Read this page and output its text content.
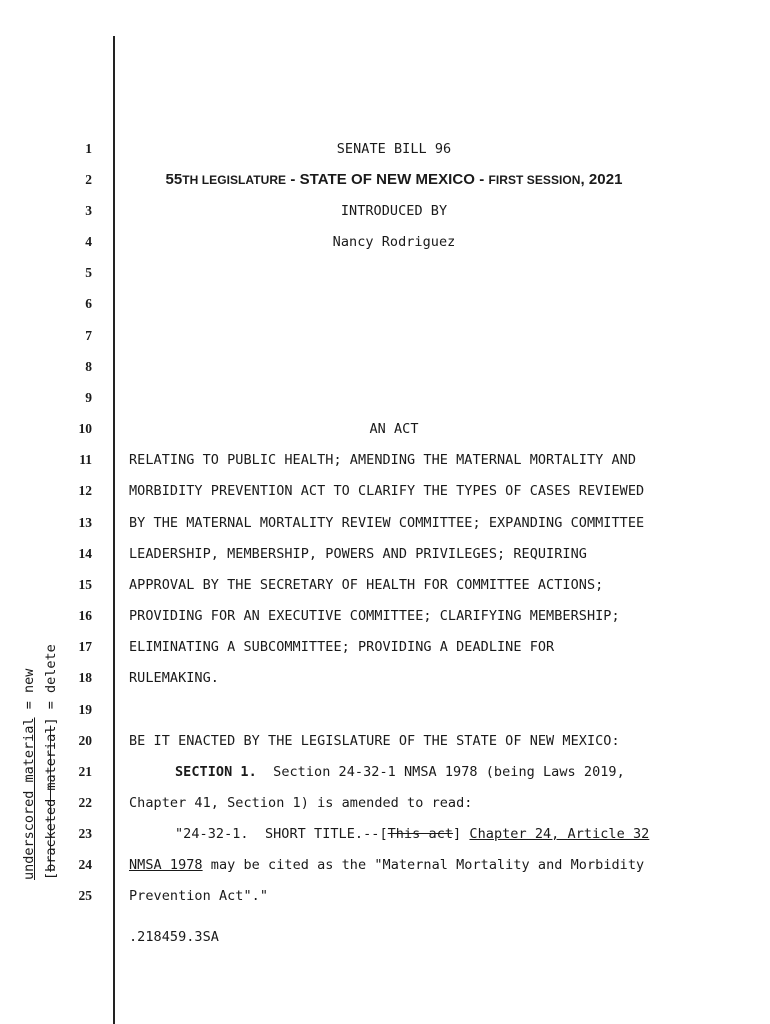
underscored material = new
[bracketed material] = delete
1
2
3
4
5
6
7
8
9
10
11
12
13
14
15
16
17
18
19
20
21
22
23
24
25
SENATE BILL 96
55TH LEGISLATURE - STATE OF NEW MEXICO - FIRST SESSION, 2021
INTRODUCED BY
Nancy Rodriguez
AN ACT
RELATING TO PUBLIC HEALTH; AMENDING THE MATERNAL MORTALITY AND
MORBIDITY PREVENTION ACT TO CLARIFY THE TYPES OF CASES REVIEWED
BY THE MATERNAL MORTALITY REVIEW COMMITTEE; EXPANDING COMMITTEE
LEADERSHIP, MEMBERSHIP, POWERS AND PRIVILEGES; REQUIRING
APPROVAL BY THE SECRETARY OF HEALTH FOR COMMITTEE ACTIONS;
PROVIDING FOR AN EXECUTIVE COMMITTEE; CLARIFYING MEMBERSHIP;
ELIMINATING A SUBCOMMITTEE; PROVIDING A DEADLINE FOR
RULEMAKING.
BE IT ENACTED BY THE LEGISLATURE OF THE STATE OF NEW MEXICO:
SECTION 1.  Section 24-32-1 NMSA 1978 (being Laws 2019,
Chapter 41, Section 1) is amended to read:
"24-32-1.  SHORT TITLE.--[This act] Chapter 24, Article 32
NMSA 1978 may be cited as the "Maternal Mortality and Morbidity
Prevention Act"."
.218459.3SA
